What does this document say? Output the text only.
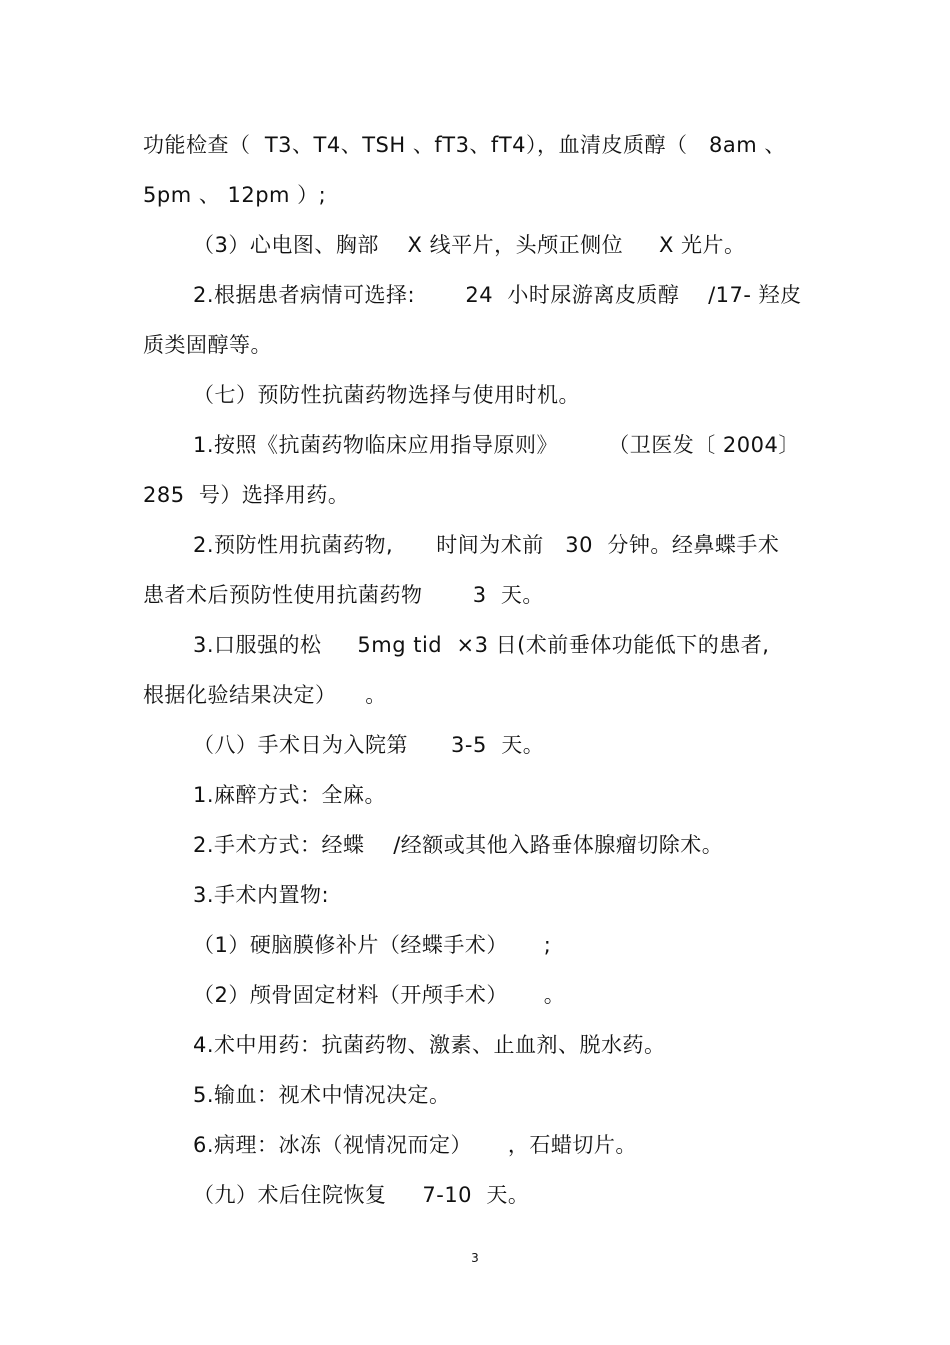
功能检查（  T3、T4、TSH 、fT3、fT4），血清皮质醇（   8am 、
5pm 、 12pm ）;
（3）心电图、胸部    X 线平片，头颅正侧位     X 光片。
2.根据患者病情可选择:       24  小时尿游离皮质醇    /17- 羟皮
质类固醇等。
（七）预防性抗菌药物选择与使用时机。
1.按照《抗菌药物临床应用指导原则》       （卫医发〔 2004〕
285  号）选择用药。
2.预防性用抗菌药物,      时间为术前   30  分钟。经鼻蝶手术
患者术后预防性使用抗菌药物       3  天。
3.口服强的松     5mg tid  ×3 日(术前垂体功能低下的患者,
根据化验结果决定）    。
（八）手术日为入院第      3-5  天。
1.麻醉方式：全麻。
2.手术方式：经蝶    /经额或其他入路垂体腺瘤切除术。
3.手术内置物:
（1）硬脑膜修补片（经蝶手术）     ;
（2）颅骨固定材料（开颅手术）     。
4.术中用药：抗菌药物、激素、止血剂、脱水药。
5.输血：视术中情况决定。
6.病理：冰冻（视情况而定）     ，石蜡切片。
（九）术后住院恢复     7-10  天。
3
